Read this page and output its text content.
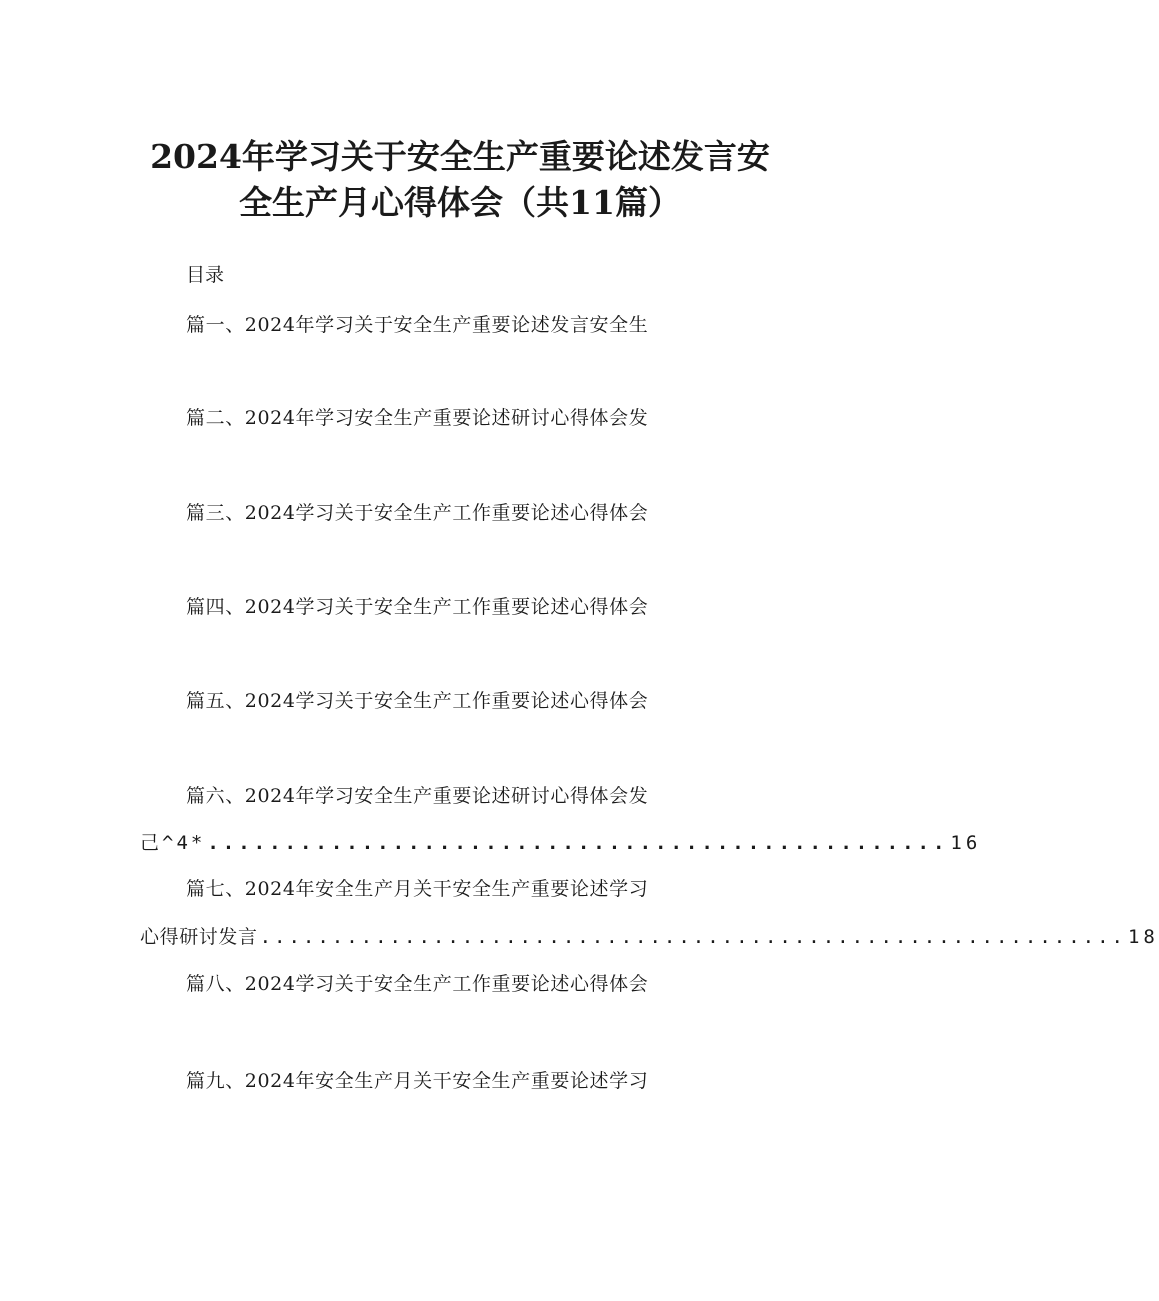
2024年学习关于安全生产重要论述发言安
全生产月心得体会（共11篇）
目录
篇一、2024年学习关于安全生产重要论述发言安全生
篇二、2024年学习安全生产重要论述研讨心得体会发
篇三、2024学习关于安全生产工作重要论述心得体会
篇四、2024学习关于安全生产工作重要论述心得体会
篇五、2024学习关于安全生产工作重要论述心得体会
篇六、2024年学习安全生产重要论述研讨心得体会发
己^4* ................................................ 16
篇七、2024年安全生产月关干安全生产重要论述学习
心得研讨发言 ............................................................ 18
篇八、2024学习关于安全生产工作重要论述心得体会
篇九、2024年安全生产月关干安全生产重要论述学习
